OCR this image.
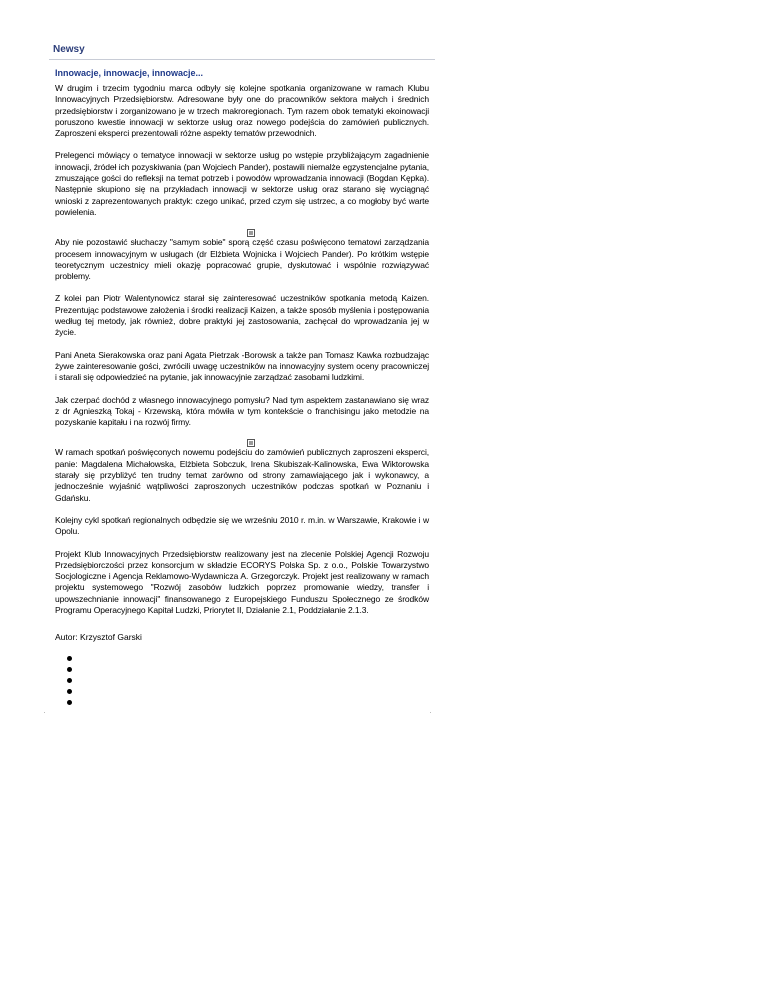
Newsy
Innowacje, innowacje, innowacje...

W drugim i trzecim tygodniu marca odbyły się kolejne spotkania organizowane w ramach Klubu Innowacyjnych Przedsiębiorstw. Adresowane były one do pracowników sektora małych i średnich przedsiębiorstw i zorganizowano je w trzech makroregionach. Tym razem obok tematyki ekoinowacji poruszono kwestie innowacji w sektorze usług oraz nowego podejścia do zamówień publicznych. Zaproszeni eksperci prezentowali różne aspekty tematów przewodnich.

Prelegenci mówiący o tematyce innowacji w sektorze usług po wstępie przybliżającym zagadnienie innowacji, źródeł ich pozyskiwania (pan Wojciech Pander), postawili niemalże egzystencjalne pytania, zmuszające gości do refleksji na temat potrzeb i powodów wprowadzania innowacji (Bogdan Kępka). Następnie skupiono się na przykładach innowacji w sektorze usług oraz starano się wyciągnąć wnioski z zaprezentowanych praktyk: czego unikać, przed czym się ustrzec, a co mogłoby być warte powielenia.

Aby nie pozostawić słuchaczy "samym sobie" sporą część czasu poświęcono tematowi zarządzania procesem innowacyjnym w usługach (dr Elżbieta Wojnicka i Wojciech Pander). Po krótkim wstępie teoretycznym uczestnicy mieli okazję popracować grupie, dyskutować i wspólnie rozwiązywać problemy.

Z kolei pan Piotr Walentynowicz starał się zainteresować uczestników spotkania metodą Kaizen. Prezentując podstawowe założenia i środki realizacji Kaizen, a także sposób myślenia i postępowania według tej metody, jak również, dobre praktyki jej zastosowania, zachęcał do wprowadzania jej w życie.

Pani Aneta Sierakowska oraz pani Agata Pietrzak -Borowsk a także pan Tomasz Kawka rozbudzając żywe zainteresowanie gości, zwrócili uwagę uczestników na innowacyjny system oceny pracowniczej i starali się odpowiedzieć na pytanie, jak innowacyjnie zarządzać zasobami ludzkimi.

Jak czerpać dochód z własnego innowacyjnego pomysłu? Nad tym aspektem zastanawiano się wraz z dr Agnieszką Tokaj - Krzewską, która mówiła w tym kontekście o franchisingu jako metodzie na pozyskanie kapitału i na rozwój firmy.

W ramach spotkań poświęconych nowemu podejściu do zamówień publicznych zaproszeni eksperci, panie: Magdalena Michałowska, Elżbieta Sobczuk, Irena Skubiszak-Kalinowska, Ewa Wiktorowska starały się przybliżyć ten trudny temat zarówno od strony zamawiającego jak i wykonawcy, a jednocześnie wyjaśnić wątpliwości zaproszonych uczestników podczas spotkań w Poznaniu i Gdańsku.

Kolejny cykl spotkań regionalnych odbędzie się we wrześniu 2010 r. m.in. w Warszawie, Krakowie i w Opolu.

Projekt Klub Innowacyjnych Przedsiębiorstw realizowany jest na zlecenie Polskiej Agencji Rozwoju Przedsiębiorczości przez konsorcjum w składzie ECORYS Polska Sp. z o.o., Polskie Towarzystwo Socjologiczne i Agencja Reklamowo-Wydawnicza A. Grzegorczyk. Projekt jest realizowany w ramach projektu systemowego "Rozwój zasobów ludzkich poprzez promowanie wiedzy, transfer i upowszechnianie innowacji" finansowanego z Europejskiego Funduszu Społecznego ze środków Programu Operacyjnego Kapitał Ludzki, Priorytet II, Działanie 2.1, Poddziałanie 2.1.3.

Autor: Krzysztof Garski
